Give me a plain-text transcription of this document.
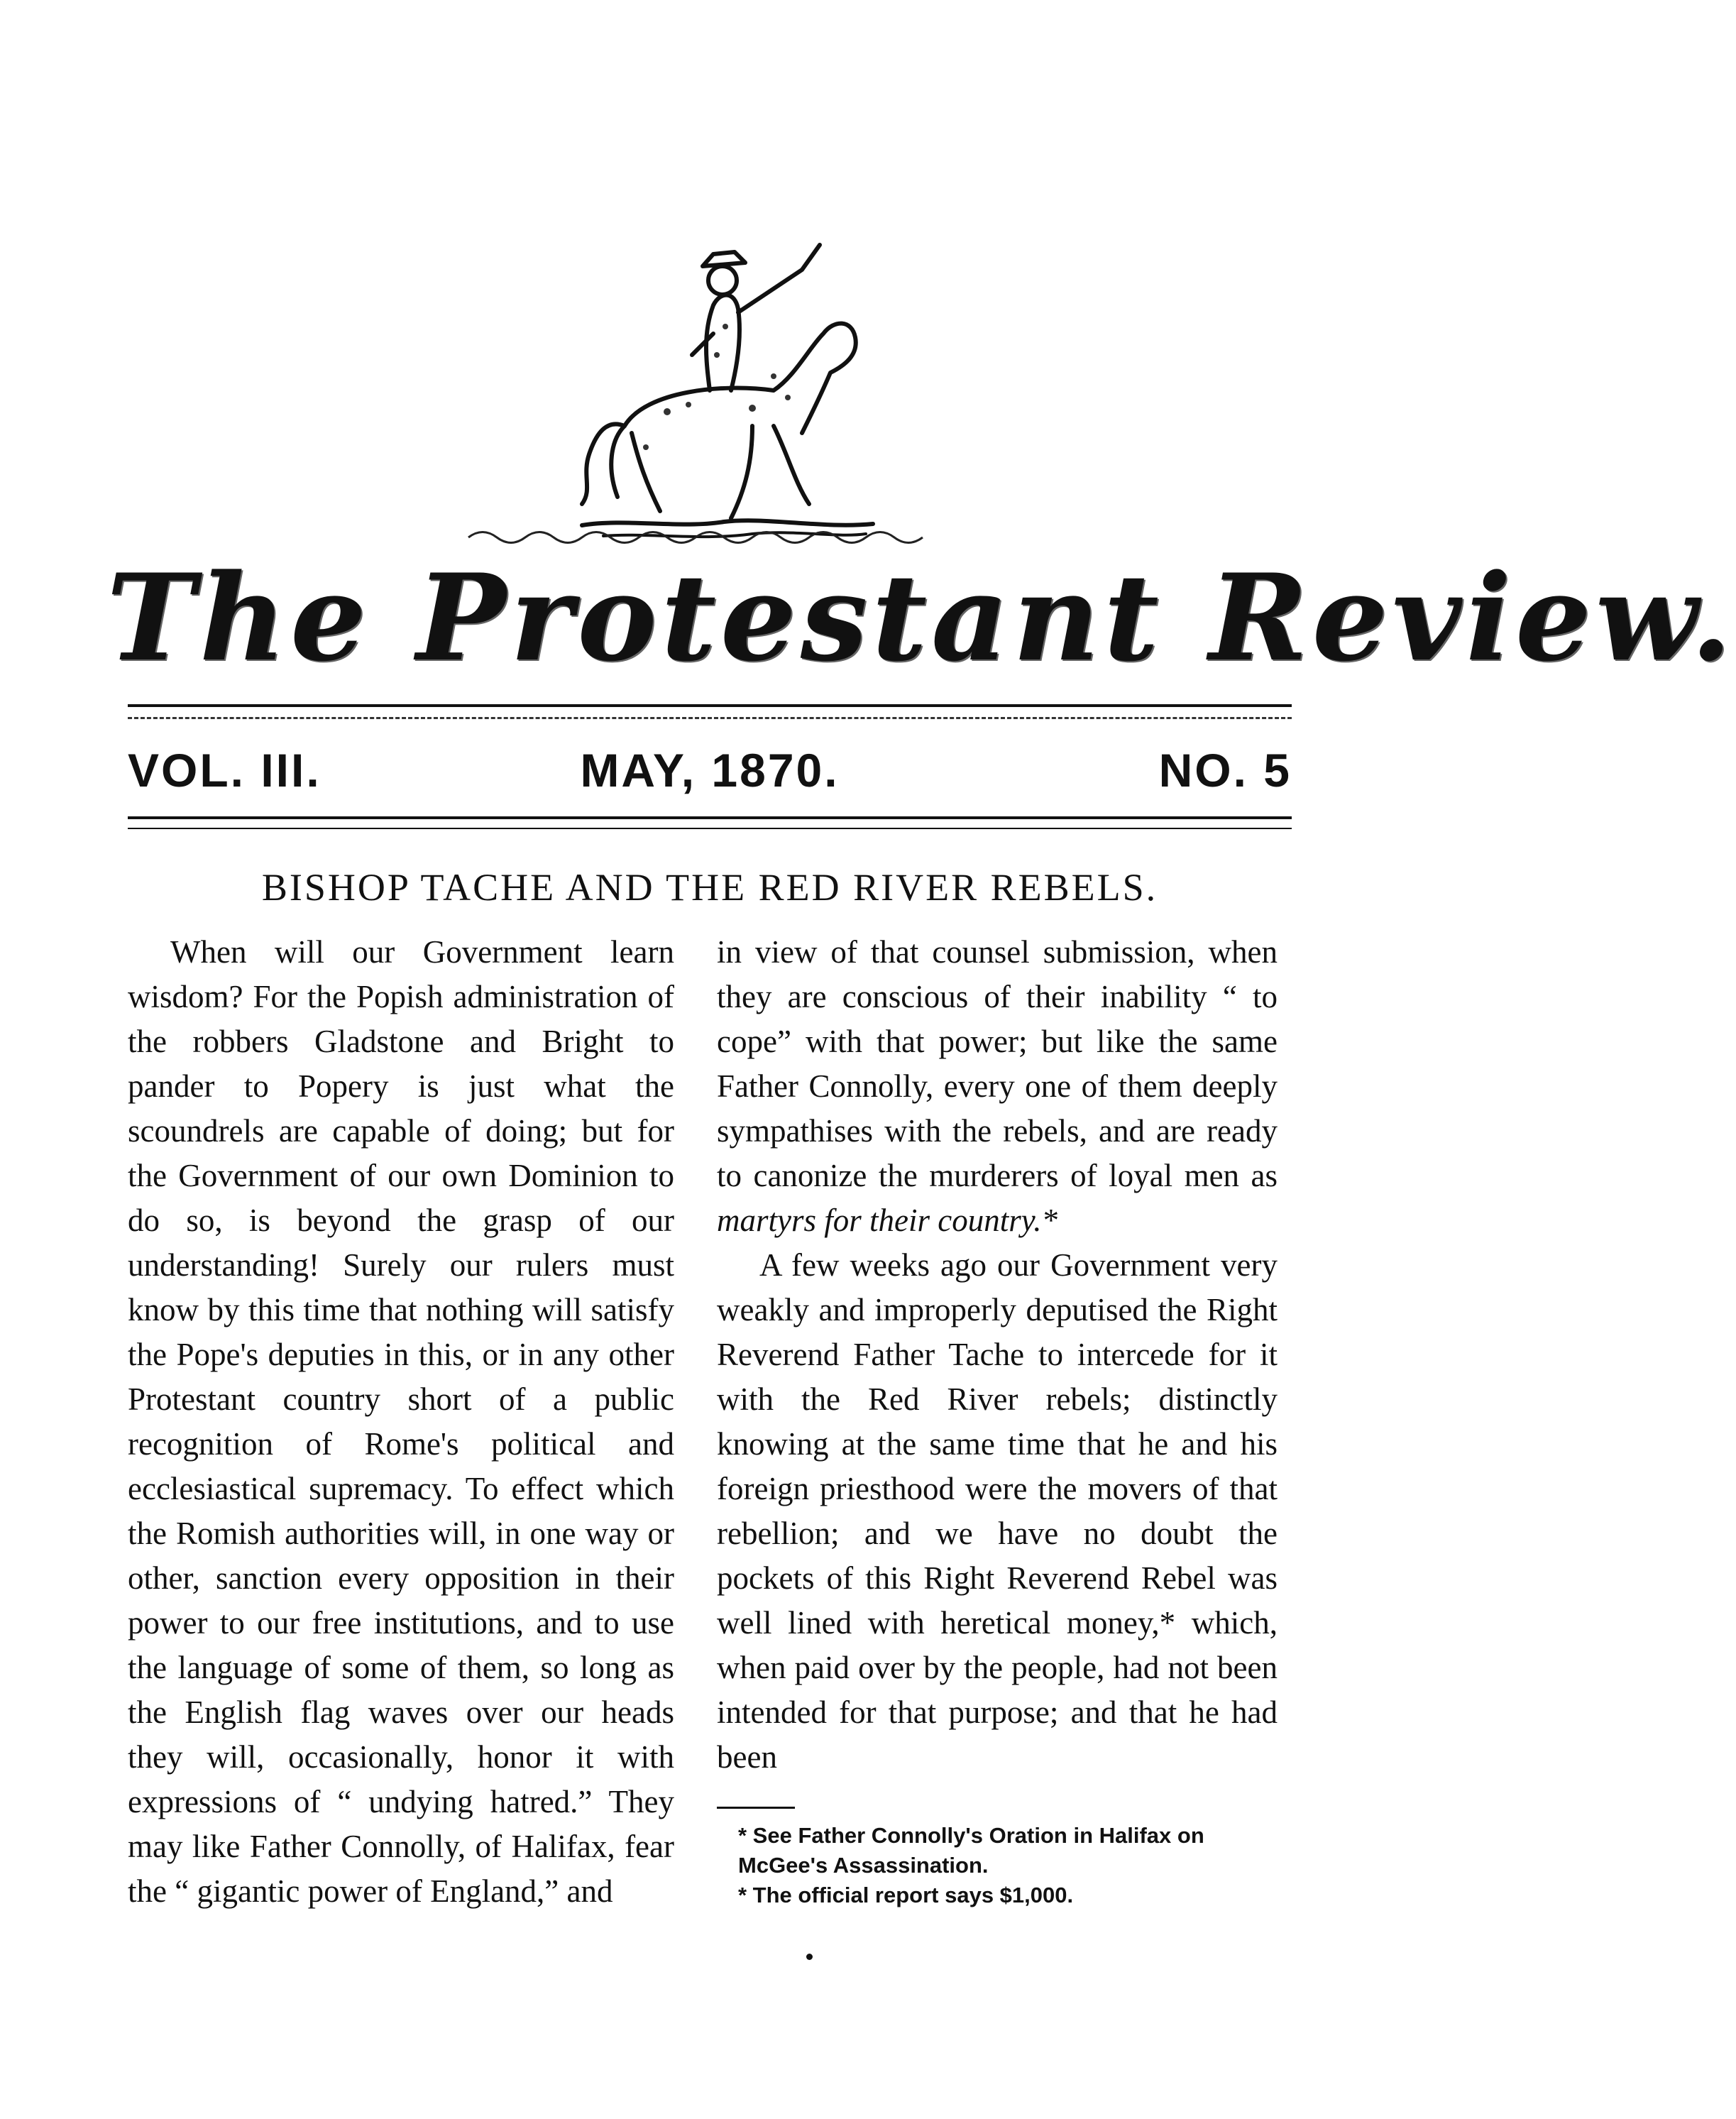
The Protestant Review.
VOL. III.	MAY, 1870.	NO. 5
BISHOP TACHE AND THE RED RIVER REBELS.

When will our Government learn wisdom? For the Popish administration of the robbers Gladstone and Bright to pander to Popery is just what the scoundrels are capable of doing; but for the Government of our own Dominion to do so, is beyond the grasp of our understanding! Surely our rulers must know by this time that nothing will satisfy the Pope's deputies in this, or in any other Protestant country short of a public recognition of Rome's political and ecclesiastical supremacy. To effect which the Romish authorities will, in one way or other, sanction every opposition in their power to our free institutions, and to use the language of some of them, so long as the English flag waves over our heads they will, occasionally, honor it with expressions of “ undying hatred.” They may like Father Connolly, of Halifax, fear the “ gigantic power of England,” and

in view of that counsel submission, when they are conscious of their inability “ to cope” with that power; but like the same Father Connolly, every one of them deeply sympathises with the rebels, and are ready to canonize the murderers of loyal men as martyrs for their country.*

A few weeks ago our Government very weakly and improperly deputised the Right Reverend Father Tache to intercede for it with the Red River rebels; distinctly knowing at the same time that he and his foreign priesthood were the movers of that rebellion; and we have no doubt the pockets of this Right Reverend Rebel was well lined with heretical money,* which, when paid over by the people, had not been intended for that purpose; and that he had been

* See Father Connolly's Oration in Halifax on McGee's Assassination.
* The official report says $1,000.
